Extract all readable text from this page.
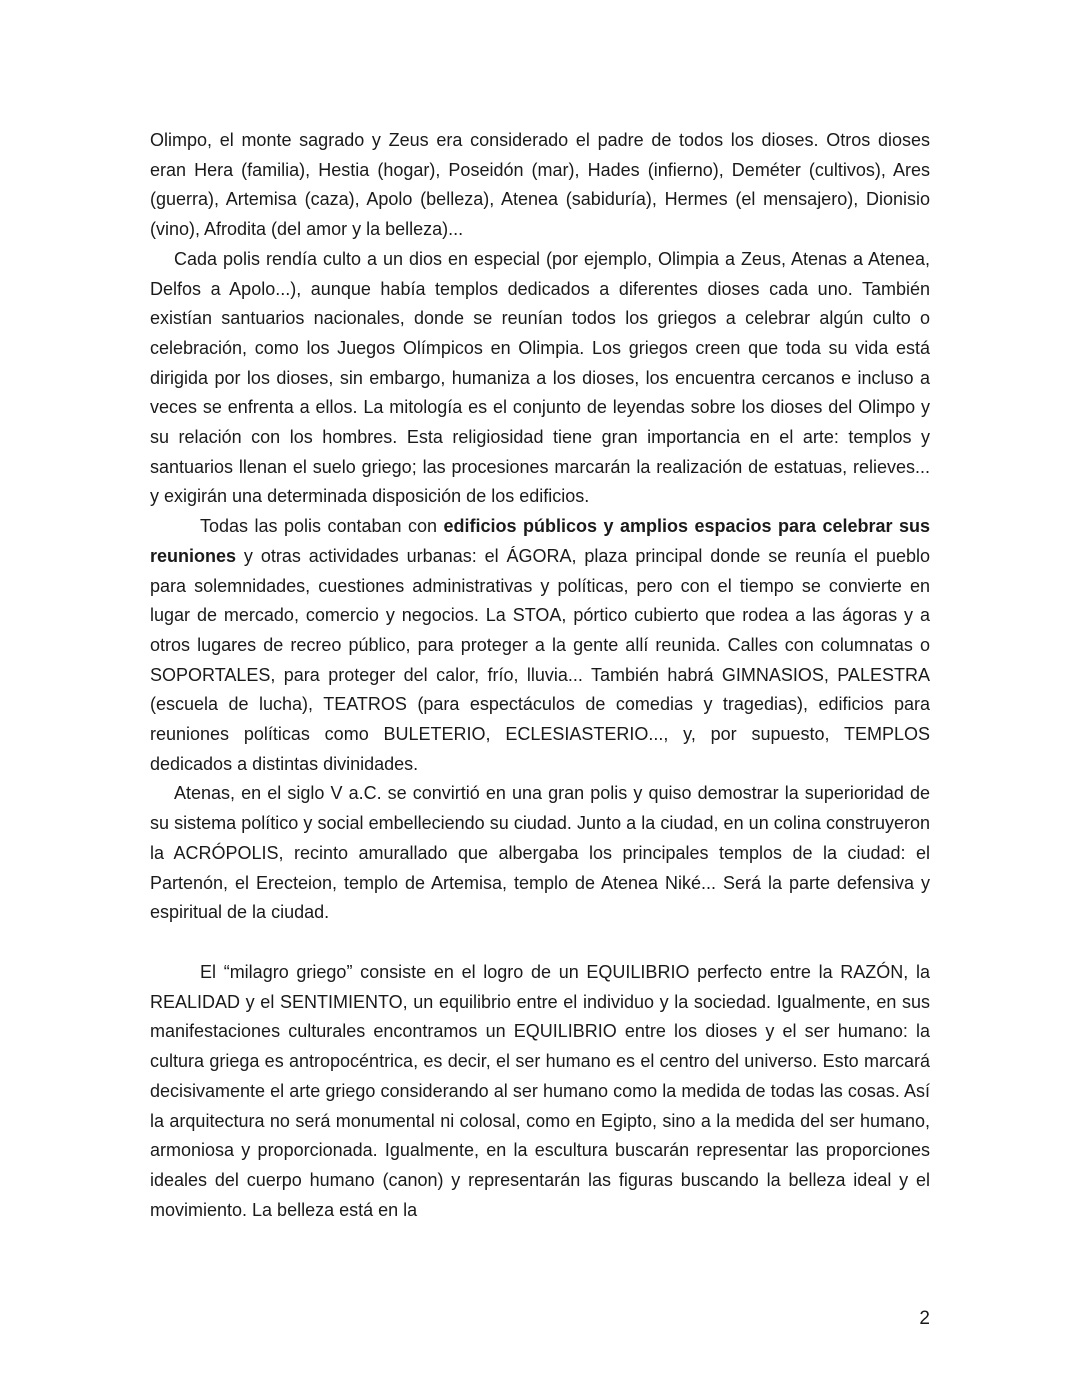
Olimpo, el monte sagrado y Zeus era considerado el padre de todos los dioses. Otros dioses eran Hera (familia), Hestia (hogar), Poseidón (mar), Hades (infierno), Deméter (cultivos), Ares (guerra), Artemisa (caza), Apolo (belleza), Atenea (sabiduría), Hermes (el mensajero), Dionisio (vino), Afrodita (del amor y la belleza)...

Cada polis rendía culto a un dios en especial (por ejemplo, Olimpia a Zeus, Atenas a Atenea, Delfos a Apolo...), aunque había templos dedicados a diferentes dioses cada uno. También existían santuarios nacionales, donde se reunían todos los griegos a celebrar algún culto o celebración, como los Juegos Olímpicos en Olimpia. Los griegos creen que toda su vida está dirigida por los dioses, sin embargo, humaniza a los dioses, los encuentra cercanos e incluso a veces se enfrenta a ellos. La mitología es el conjunto de leyendas sobre los dioses del Olimpo y su relación con los hombres. Esta religiosidad tiene gran importancia en el arte: templos y santuarios llenan el suelo griego; las procesiones marcarán la realización de estatuas, relieves... y exigirán una determinada disposición de los edificios.

Todas las polis contaban con edificios públicos y amplios espacios para celebrar sus reuniones y otras actividades urbanas: el ÁGORA, plaza principal donde se reunía el pueblo para solemnidades, cuestiones administrativas y políticas, pero con el tiempo se convierte en lugar de mercado, comercio y negocios. La STOA, pórtico cubierto que rodea a las ágoras y a otros lugares de recreo público, para proteger a la gente allí reunida. Calles con columnatas o SOPORTALES, para proteger del calor, frío, lluvia... También habrá GIMNASIOS, PALESTRA (escuela de lucha), TEATROS (para espectáculos de comedias y tragedias), edificios para reuniones políticas como BULETERIO, ECLESIASTERIO..., y, por supuesto, TEMPLOS dedicados a distintas divinidades.

Atenas, en el siglo V a.C. se convirtió en una gran polis y quiso demostrar la superioridad de su sistema político y social embelleciendo su ciudad. Junto a la ciudad, en un colina construyeron la ACRÓPOLIS, recinto amurallado que albergaba los principales templos de la ciudad: el Partenón, el Erecteion, templo de Artemisa, templo de Atenea Niké... Será la parte defensiva y espiritual de la ciudad.

El “milagro griego” consiste en el logro de un EQUILIBRIO perfecto entre la RAZÓN, la REALIDAD y el SENTIMIENTO, un equilibrio entre el individuo y la sociedad. Igualmente, en sus manifestaciones culturales encontramos un EQUILIBRIO entre los dioses y el ser humano: la cultura griega es antropocéntrica, es decir, el ser humano es el centro del universo. Esto marcará decisivamente el arte griego considerando al ser humano como la medida de todas las cosas. Así la arquitectura no será monumental ni colosal, como en Egipto, sino a la medida del ser humano, armoniosa y proporcionada. Igualmente, en la escultura buscarán representar las proporciones ideales del cuerpo humano (canon) y representarán las figuras buscando la belleza ideal y el movimiento. La belleza está en la

2
